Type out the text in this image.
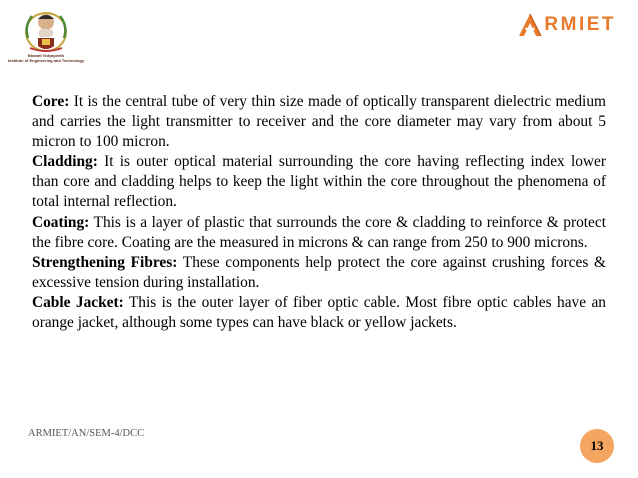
Bharati Vidyapeeth
Institute of Engineering and Technology
A
RMIET

Core: It is the central tube of very thin size made of optically transparent dielectric medium and carries the light transmitter to receiver and the core diameter may vary from about 5 micron to 100 micron.

Cladding: It is outer optical material surrounding the core having reflecting index lower than core and cladding helps to keep the light within the core throughout the phenomena of total internal reflection.

Coating: This is a layer of plastic that surrounds the core & cladding to reinforce & protect the fibre core. Coating are the measured in microns & can range from 250 to 900 microns.

Strengthening Fibres: These components help protect the core against crushing forces & excessive tension during installation.

Cable Jacket: This is the outer layer of fiber optic cable. Most fibre optic cables have an orange jacket, although some types can have black or yellow jackets.

ARMIET/AN/SEM-4/DCC
13
